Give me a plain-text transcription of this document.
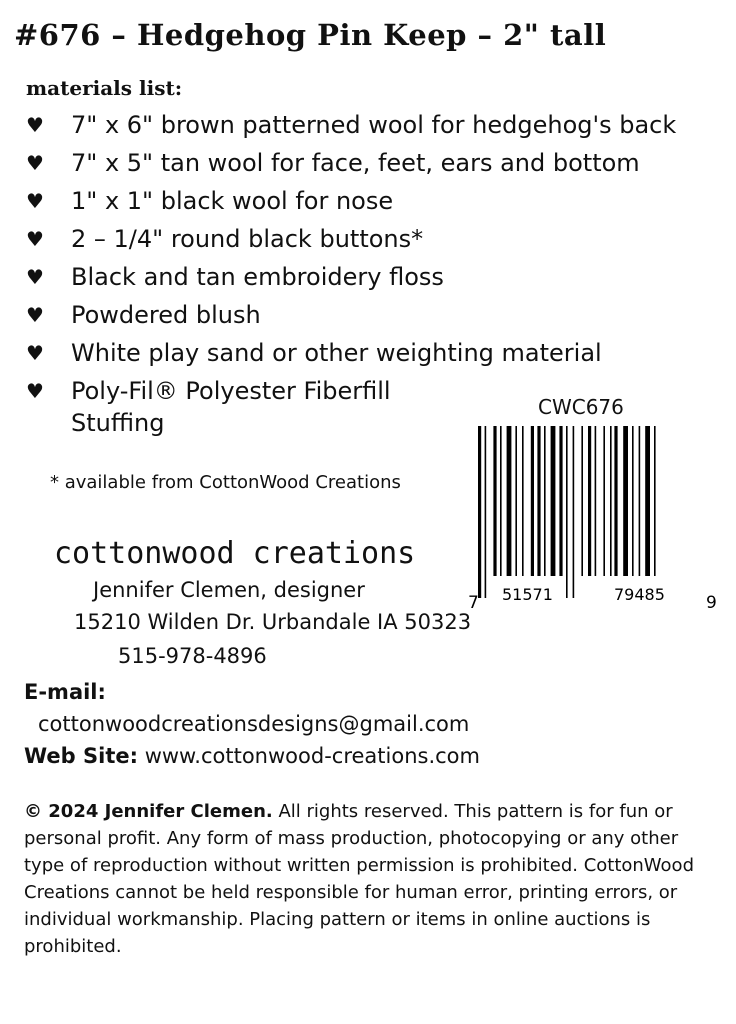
#676 – Hedgehog Pin Keep – 2" tall
materials list:
♥ 7" x 6" brown patterned wool for hedgehog's back
♥ 7" x 5" tan wool for face, feet, ears and bottom
♥ 1" x 1" black wool for nose
♥ 2 – 1/4" round black buttons*
♥ Black and tan embroidery floss
♥ Powdered blush
♥ White play sand or other weighting material
♥ Poly-Fil® Polyester Fiberfill Stuffing
* available from CottonWood Creations
CWC676
7 51571	79485 9
cottonwood creations
Jennifer Clemen, designer
15210 Wilden Dr. Urbandale IA 50323
515-978-4896
E-mail:
cottonwoodcreationsdesigns@gmail.com
Web Site: www.cottonwood-creations.com
© 2024 Jennifer Clemen. All rights reserved. This pattern is for fun or personal profit. Any form of mass production, photocopying or any other type of reproduction without written permission is prohibited. CottonWood Creations cannot be held responsible for human error, printing errors, or individual workmanship. Placing pattern or items in online auctions is prohibited.
